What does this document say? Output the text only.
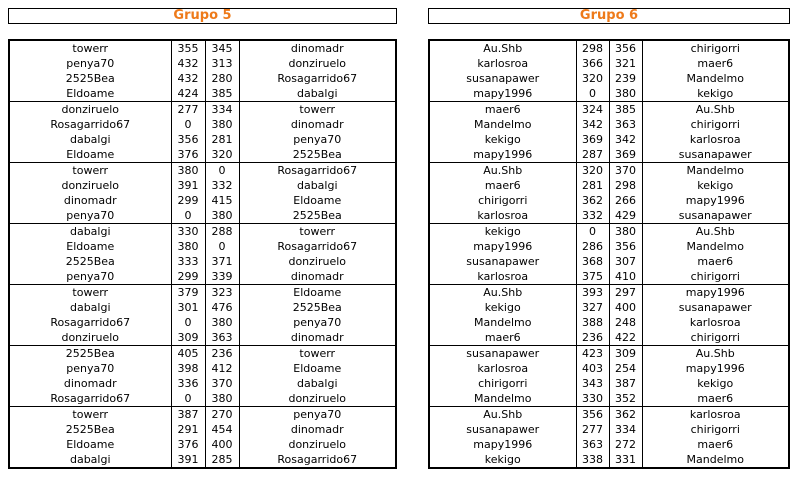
Grupo 5	Grupo 6
towerr	355	345	dinomadr
penya70	432	313	donziruelo
2525Bea	432	280	Rosagarrido67
Eldoame	424	385	dabalgi
donziruelo	277	334	towerr
Rosagarrido67	0	380	dinomadr
dabalgi	356	281	penya70
Eldoame	376	320	2525Bea
towerr	380	0	Rosagarrido67
donziruelo	391	332	dabalgi
dinomadr	299	415	Eldoame
penya70	0	380	2525Bea
dabalgi	330	288	towerr
Eldoame	380	0	Rosagarrido67
2525Bea	333	371	donziruelo
penya70	299	339	dinomadr
towerr	379	323	Eldoame
dabalgi	301	476	2525Bea
Rosagarrido67	0	380	penya70
donziruelo	309	363	dinomadr
2525Bea	405	236	towerr
penya70	398	412	Eldoame
dinomadr	336	370	dabalgi
Rosagarrido67	0	380	donziruelo
towerr	387	270	penya70
2525Bea	291	454	dinomadr
Eldoame	376	400	donziruelo
dabalgi	391	285	Rosagarrido67
Au.Shb	298	356	chirigorri
karlosroa	366	321	maer6
susanapawer	320	239	Mandelmo
mapy1996	0	380	kekigo
maer6	324	385	Au.Shb
Mandelmo	342	363	chirigorri
kekigo	369	342	karlosroa
mapy1996	287	369	susanapawer
Au.Shb	320	370	Mandelmo
maer6	281	298	kekigo
chirigorri	362	266	mapy1996
karlosroa	332	429	susanapawer
kekigo	0	380	Au.Shb
mapy1996	286	356	Mandelmo
susanapawer	368	307	maer6
karlosroa	375	410	chirigorri
Au.Shb	393	297	mapy1996
kekigo	327	400	susanapawer
Mandelmo	388	248	karlosroa
maer6	236	422	chirigorri
susanapawer	423	309	Au.Shb
karlosroa	403	254	mapy1996
chirigorri	343	387	kekigo
Mandelmo	330	352	maer6
Au.Shb	356	362	karlosroa
susanapawer	277	334	chirigorri
mapy1996	363	272	maer6
kekigo	338	331	Mandelmo
